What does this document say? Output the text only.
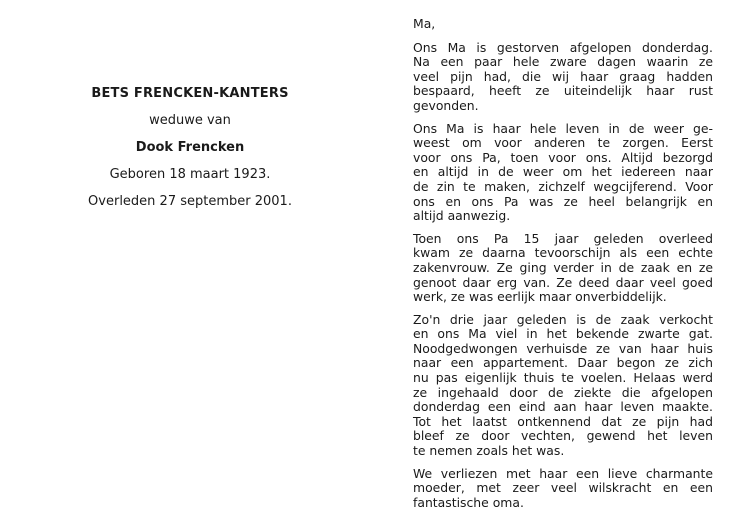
BETS FRENCKEN-KANTERS
weduwe van
Dook Frencken
Geboren 18 maart 1923.
Overleden 27 september 2001.
Ma,
Ons Ma is gestorven afgelopen donderdag.
Na een paar hele zware dagen waarin ze
veel pijn had, die wij haar graag hadden
bespaard, heeft ze uiteindelijk haar rust
gevonden.
Ons Ma is haar hele leven in de weer ge-
weest om voor anderen te zorgen. Eerst
voor ons Pa, toen voor ons. Altijd bezorgd
en altijd in de weer om het iedereen naar
de zin te maken, zichzelf wegcijferend. Voor
ons en ons Pa was ze heel belangrijk en
altijd aanwezig.
Toen ons Pa 15 jaar geleden overleed
kwam ze daarna tevoorschijn als een echte
zakenvrouw. Ze ging verder in de zaak en ze
genoot daar erg van. Ze deed daar veel goed
werk, ze was eerlijk maar onverbiddelijk.
Zo'n drie jaar geleden is de zaak verkocht
en ons Ma viel in het bekende zwarte gat.
Noodgedwongen verhuisde ze van haar huis
naar een appartement. Daar begon ze zich
nu pas eigenlijk thuis te voelen. Helaas werd
ze ingehaald door de ziekte die afgelopen
donderdag een eind aan haar leven maakte.
Tot het laatst ontkennend dat ze pijn had
bleef ze door vechten, gewend het leven
te nemen zoals het was.
We verliezen met haar een lieve charmante
moeder, met zeer veel wilskracht en een
fantastische oma.
